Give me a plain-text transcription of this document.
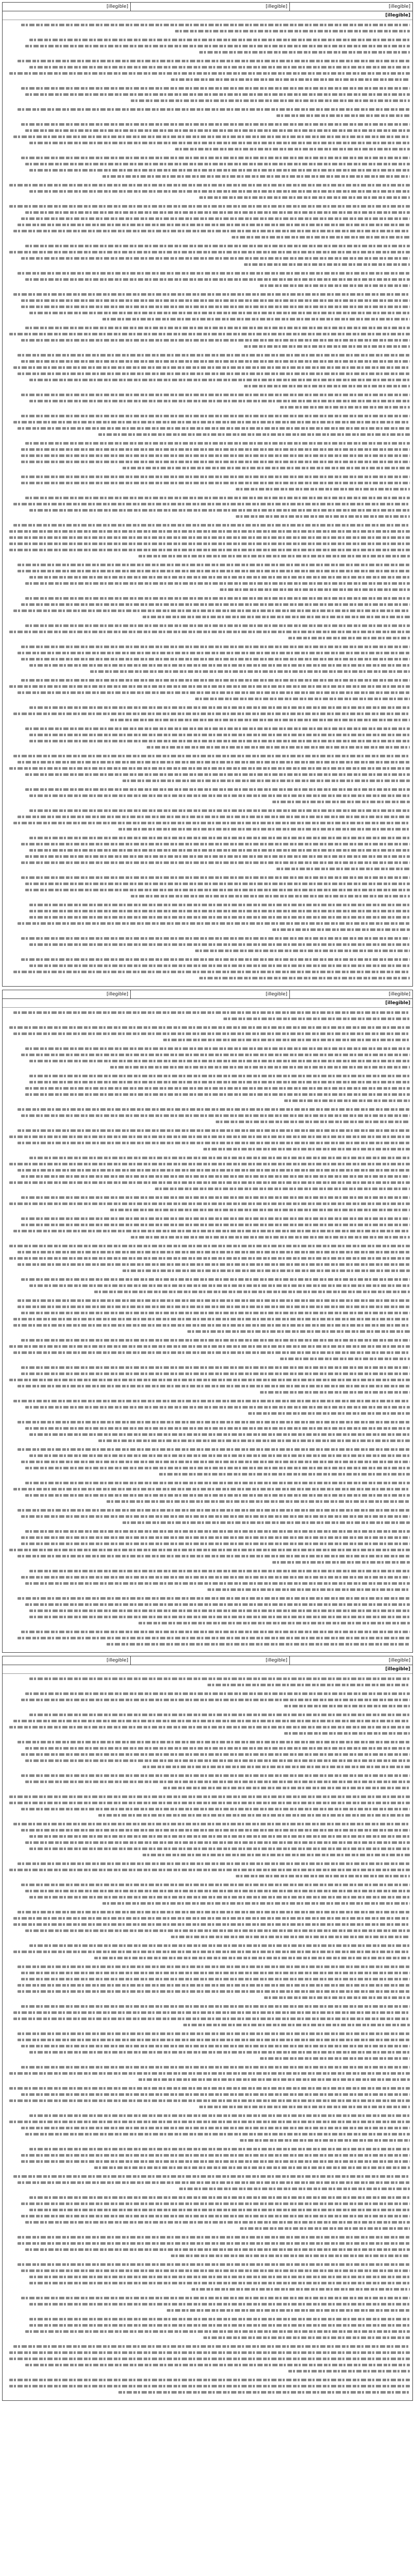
[illegible]
[illegible]
[illegible]
[illegible]
[illegible]
[illegible]
[illegible]
[illegible]
[illegible]
[illegible]
[illegible]
[illegible]
